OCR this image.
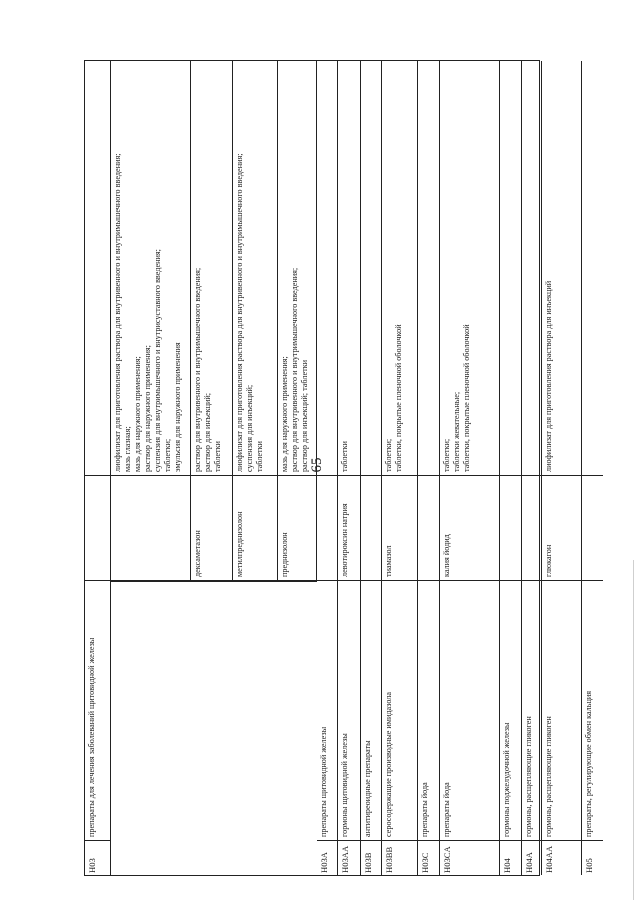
65
лиофилизат для приготовления раствора для внутривенного и внутримышечного введения;
мазь глазная;
мазь для наружного применения;
раствор для наружного применения;
суспензия для внутримышечного и внутрисуставного введения;
таблетки;
эмульсия для наружного применения
раствор для внутривенного и внутримышечного введения;
раствор для инъекций;
таблетки
дексаметазон
лиофилизат для приготовления раствора для внутривенного и внутримышечного введения;
суспензия для инъекций;
таблетки
метилпреднизолон
мазь для наружного применения;
раствор для внутривенного и внутримышечного введения;
раствор для инъекций; таблетки
преднизолон
препараты для лечения заболеваний щитовидной железы
H03
препараты щитовидной железы
H03A
таблетки
левотироксин натрия
гормоны щитовидной железы
H03AA
антитиреоидные препараты
H03B
таблетки;
таблетки, покрытые пленочной оболочкой
тиамазол
серосодержащие производные имидазола
H03BB
препараты йода
H03C
таблетки;
таблетки жевательные;
таблетки, покрытые пленочной оболочкой
калия йодид
препараты йода
H03CA
гормоны поджелудочной железы
H04
гормоны, расщепляющие гликоген
H04A
лиофилизат для приготовления раствора для инъекций
глюкагон
гормоны, расщепляющие гликоген
H04AA
препараты, регулирующие обмен кальция
H05
